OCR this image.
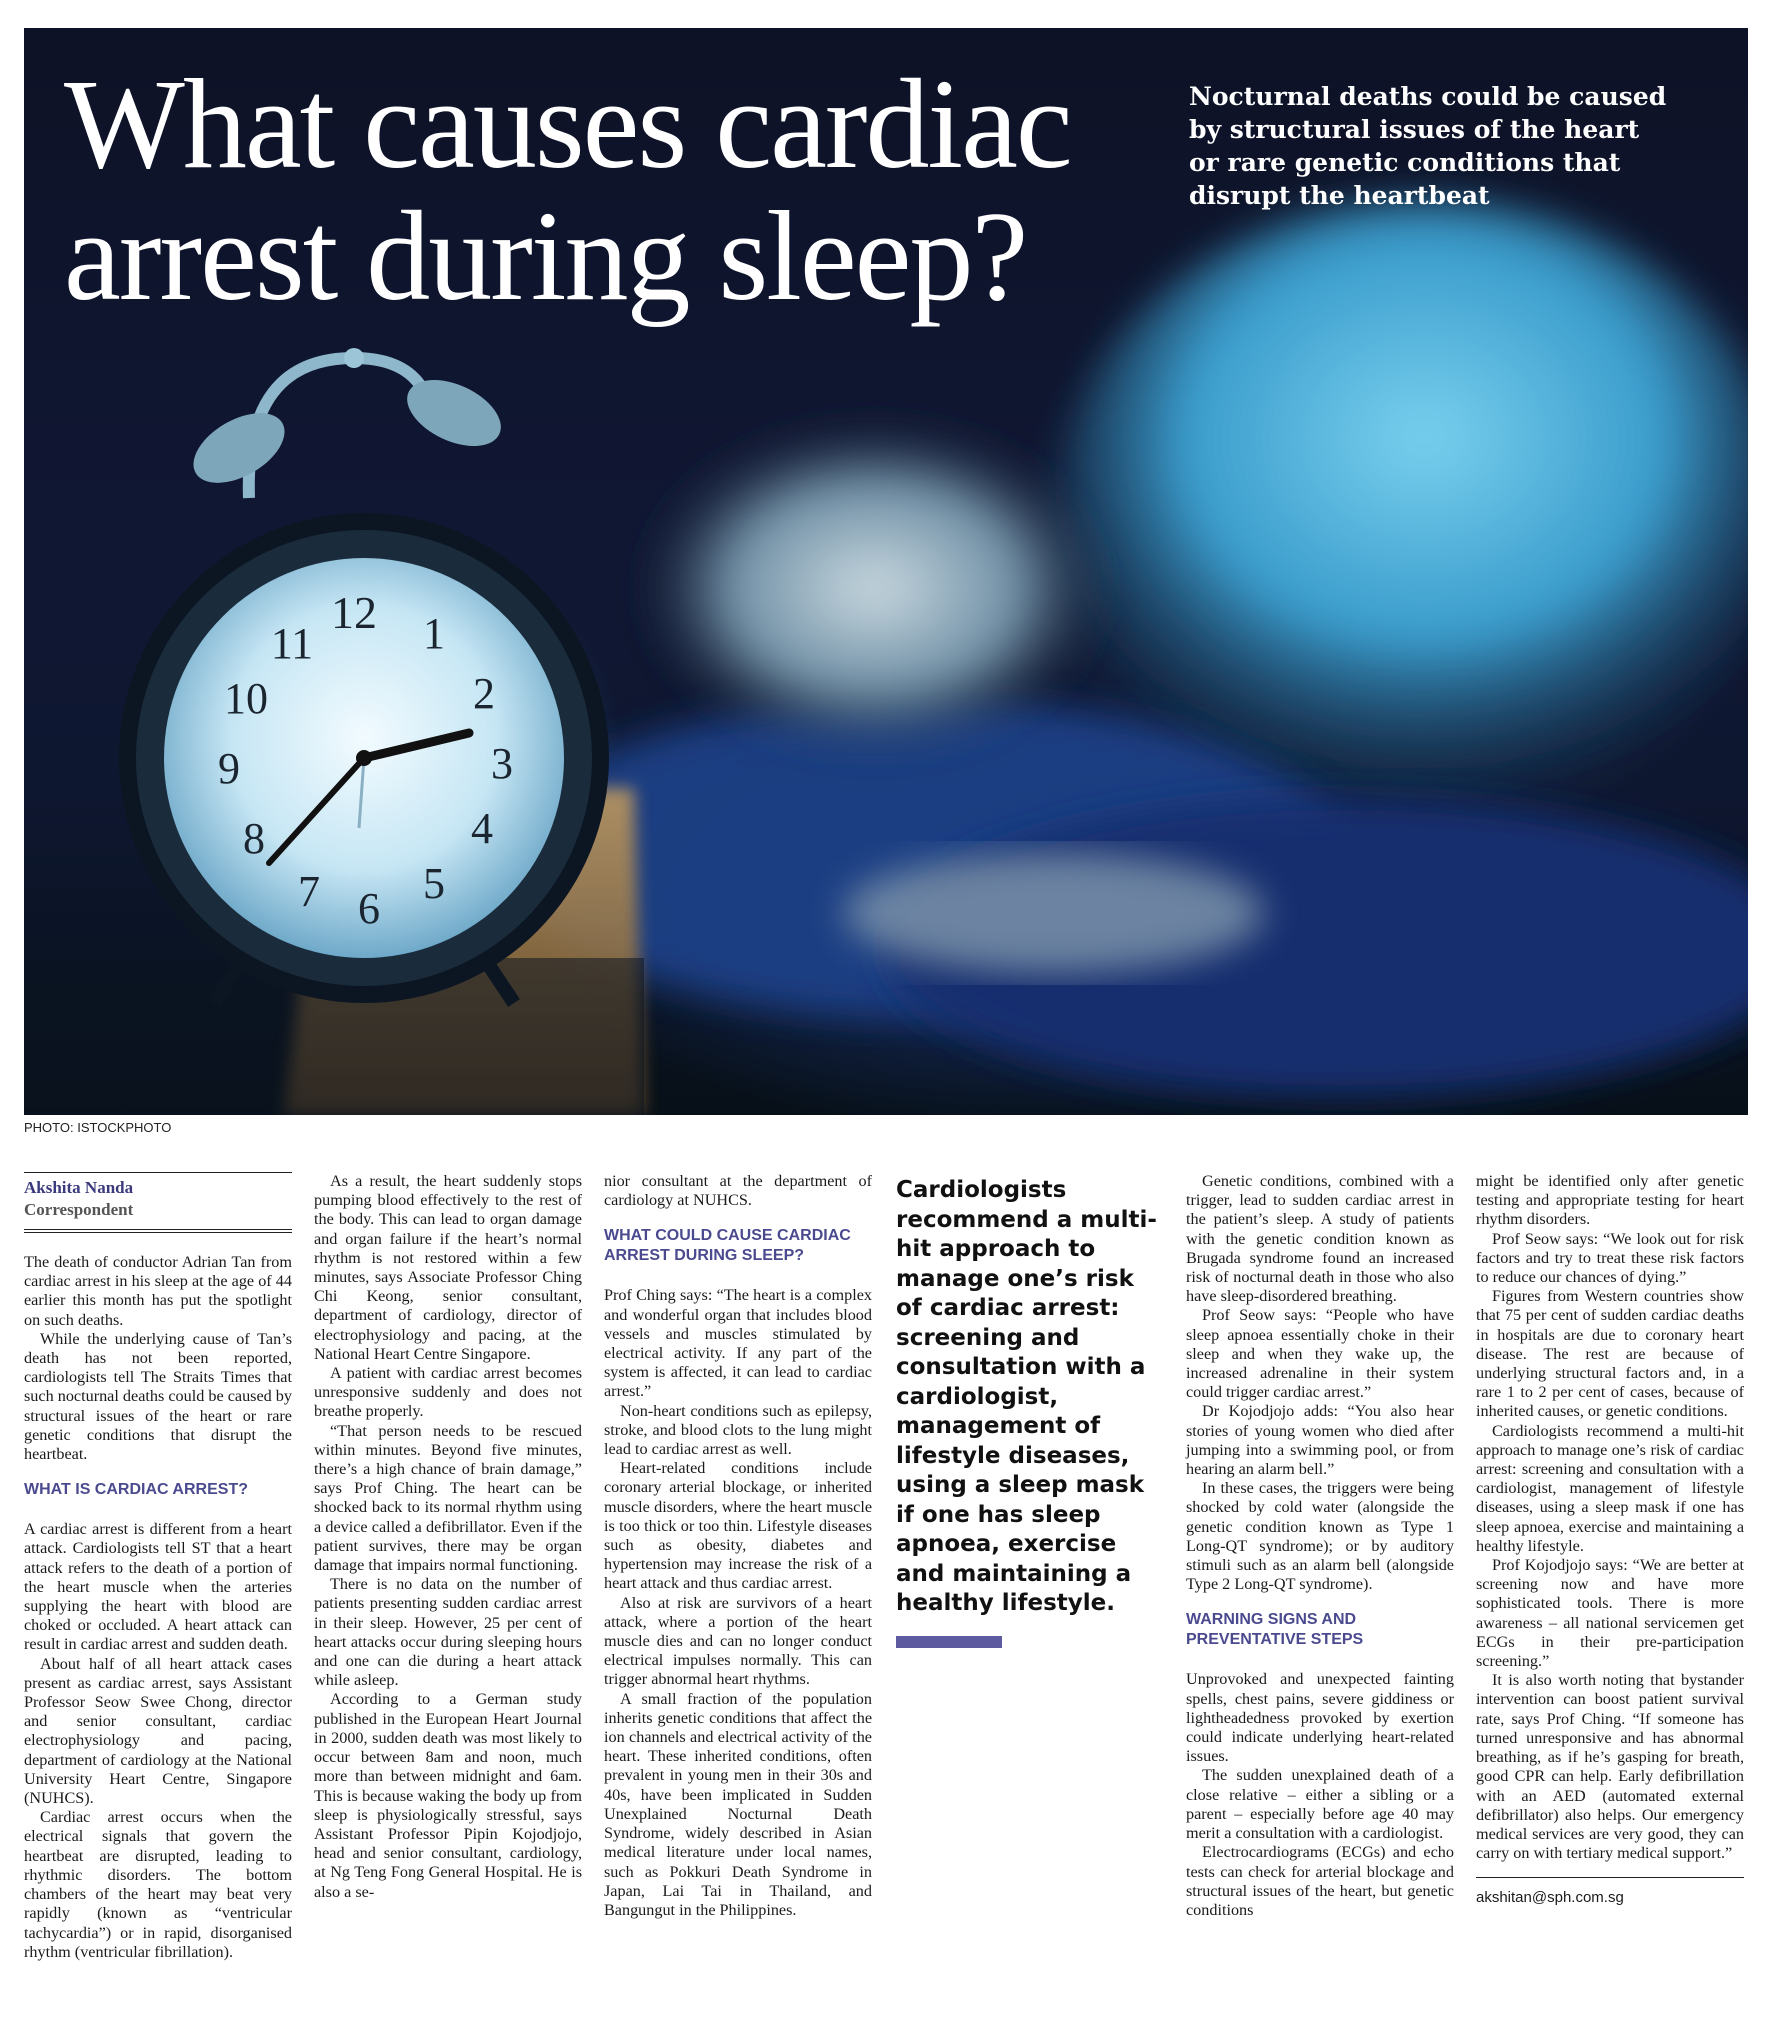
12 1
2
3
4
5
6
7
8
9
10
11
What causes cardiac arrest during sleep?
Nocturnal deaths could be caused by structural issues of the heart or rare genetic conditions that disrupt the heartbeat
PHOTO: ISTOCKPHOTO
Akshita Nanda
Correspondent

The death of conductor Adrian Tan from cardiac arrest in his sleep at the age of 44 earlier this month has put the spotlight on such deaths.

While the underlying cause of Tan’s death has not been reported, cardiologists tell The Straits Times that such nocturnal deaths could be caused by structural issues of the heart or rare genetic conditions that disrupt the heartbeat.

WHAT IS CARDIAC ARREST?

A cardiac arrest is different from a heart attack. Cardiologists tell ST that a heart attack refers to the death of a portion of the heart muscle when the arteries supplying the heart with blood are choked or occluded. A heart attack can result in cardiac arrest and sudden death.

About half of all heart attack cases present as cardiac arrest, says Assistant Professor Seow Swee Chong, director and senior consultant, cardiac electrophysiology and pacing, department of cardiology at the National University Heart Centre, Singapore (NUHCS).

Cardiac arrest occurs when the electrical signals that govern the heartbeat are disrupted, leading to rhythmic disorders. The bottom chambers of the heart may beat very rapidly (known as “ventricular tachycardia”) or in rapid, disorganised rhythm (ventricular fibrillation).

As a result, the heart suddenly stops pumping blood effectively to the rest of the body. This can lead to organ damage and organ failure if the heart’s normal rhythm is not restored within a few minutes, says Associate Professor Ching Chi Keong, senior consultant, department of cardiology, director of electrophysiology and pacing, at the National Heart Centre Singapore.

A patient with cardiac arrest becomes unresponsive suddenly and does not breathe properly.

“That person needs to be rescued within minutes. Beyond five minutes, there’s a high chance of brain damage,” says Prof Ching. The heart can be shocked back to its normal rhythm using a device called a defibrillator. Even if the patient survives, there may be organ damage that impairs normal functioning.

There is no data on the number of patients presenting sudden cardiac arrest in their sleep. However, 25 per cent of heart attacks occur during sleeping hours and one can die during a heart attack while asleep.

According to a German study published in the European Heart Journal in 2000, sudden death was most likely to occur between 8am and noon, much more than between midnight and 6am. This is because waking the body up from sleep is physiologically stressful, says Assistant Professor Pipin Kojodjojo, head and senior consultant, cardiology, at Ng Teng Fong General Hospital. He is also a se-

nior consultant at the department of cardiology at NUHCS.

WHAT COULD CAUSE CARDIAC ARREST DURING SLEEP?

Prof Ching says: “The heart is a complex and wonderful organ that includes blood vessels and muscles stimulated by electrical activity. If any part of the system is affected, it can lead to cardiac arrest.”

Non-heart conditions such as epilepsy, stroke, and blood clots to the lung might lead to cardiac arrest as well.

Heart-related conditions include coronary arterial blockage, or inherited muscle disorders, where the heart muscle is too thick or too thin. Lifestyle diseases such as obesity, diabetes and hypertension may increase the risk of a heart attack and thus cardiac arrest.

Also at risk are survivors of a heart attack, where a portion of the heart muscle dies and can no longer conduct electrical impulses normally. This can trigger abnormal heart rhythms.

A small fraction of the population inherits genetic conditions that affect the ion channels and electrical activity of the heart. These inherited conditions, often prevalent in young men in their 30s and 40s, have been implicated in Sudden Unexplained Nocturnal Death Syndrome, widely described in Asian medical literature under local names, such as Pokkuri Death Syndrome in Japan, Lai Tai in Thailand, and Bangungut in the Philippines.

Cardiologists recommend a multi-hit approach to manage one’s risk of cardiac arrest: screening and consultation with a cardiologist, management of lifestyle diseases, using a sleep mask if one has sleep apnoea, exercise and maintaining a healthy lifestyle.

Genetic conditions, combined with a trigger, lead to sudden cardiac arrest in the patient’s sleep. A study of patients with the genetic condition known as Brugada syndrome found an increased risk of nocturnal death in those who also have sleep-disordered breathing.

Prof Seow says: “People who have sleep apnoea essentially choke in their sleep and when they wake up, the increased adrenaline in their system could trigger cardiac arrest.”

Dr Kojodjojo adds: “You also hear stories of young women who died after jumping into a swimming pool, or from hearing an alarm bell.”

In these cases, the triggers were being shocked by cold water (alongside the genetic condition known as Type 1 Long-QT syndrome); or by auditory stimuli such as an alarm bell (alongside Type 2 Long-QT syndrome).

WARNING SIGNS AND PREVENTATIVE STEPS

Unprovoked and unexpected fainting spells, chest pains, severe giddiness or lightheadedness provoked by exertion could indicate underlying heart-related issues.

The sudden unexplained death of a close relative – either a sibling or a parent – especially before age 40 may merit a consultation with a cardiologist.

Electrocardiograms (ECGs) and echo tests can check for arterial blockage and structural issues of the heart, but genetic conditions

might be identified only after genetic testing and appropriate testing for heart rhythm disorders.

Prof Seow says: “We look out for risk factors and try to treat these risk factors to reduce our chances of dying.”

Figures from Western countries show that 75 per cent of sudden cardiac deaths in hospitals are due to coronary heart disease. The rest are because of underlying structural factors and, in a rare 1 to 2 per cent of cases, because of inherited causes, or genetic conditions.

Cardiologists recommend a multi-hit approach to manage one’s risk of cardiac arrest: screening and consultation with a cardiologist, management of lifestyle diseases, using a sleep mask if one has sleep apnoea, exercise and maintaining a healthy lifestyle.

Prof Kojodjojo says: “We are better at screening now and have more sophisticated tools. There is more awareness – all national servicemen get ECGs in their pre-participation screening.”

It is also worth noting that bystander intervention can boost patient survival rate, says Prof Ching. “If someone has turned unresponsive and has abnormal breathing, as if he’s gasping for breath, good CPR can help. Early defibrillation with an AED (automated external defibrillator) also helps. Our emergency medical services are very good, they can carry on with tertiary medical support.”

akshitan@sph.com.sg
